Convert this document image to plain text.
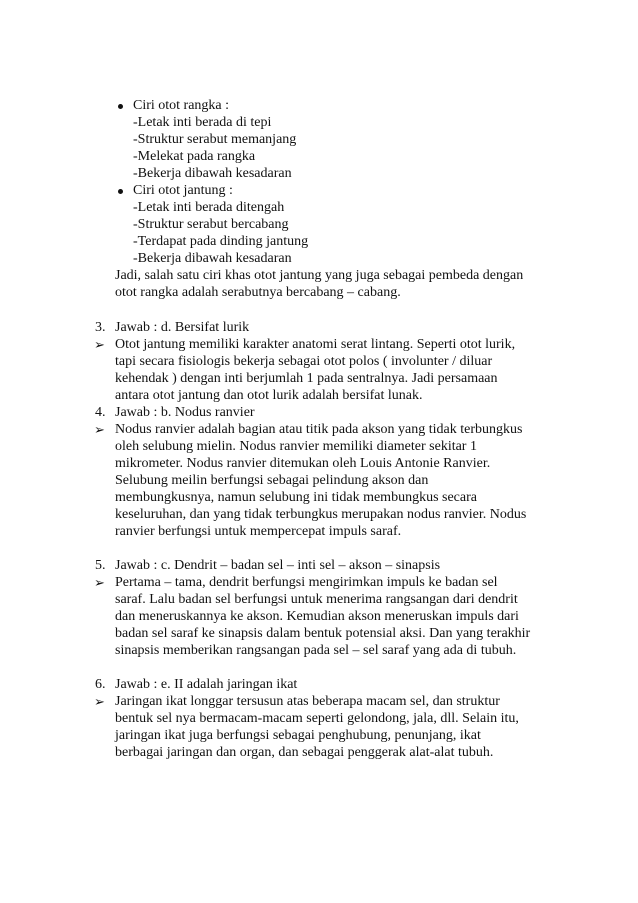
Ciri otot rangka :
-Letak inti berada di tepi
-Struktur serabut memanjang
-Melekat pada rangka
-Bekerja dibawah kesadaran
Ciri otot jantung :
-Letak inti berada ditengah
-Struktur serabut bercabang
-Terdapat pada dinding jantung
-Bekerja dibawah kesadaran
Jadi, salah satu ciri khas otot jantung yang juga sebagai pembeda dengan
otot rangka adalah serabutnya bercabang – cabang.
3. Jawab : d. Bersifat lurik
➢ Otot jantung memiliki karakter anatomi serat lintang. Seperti otot lurik,
tapi secara fisiologis bekerja sebagai otot polos ( involunter / diluar
kehendak ) dengan inti berjumlah 1 pada sentralnya. Jadi persamaan
antara otot jantung dan otot lurik adalah bersifat lunak.
4. Jawab : b. Nodus ranvier
➢ Nodus ranvier adalah bagian atau titik pada akson yang tidak terbungkus
oleh selubung mielin. Nodus ranvier memiliki diameter sekitar 1
mikrometer. Nodus ranvier ditemukan oleh Louis Antonie Ranvier.
Selubung meilin berfungsi sebagai pelindung akson dan
membungkusnya, namun selubung ini tidak membungkus secara
keseluruhan, dan yang tidak terbungkus merupakan nodus ranvier. Nodus
ranvier berfungsi untuk mempercepat impuls saraf.
5. Jawab : c. Dendrit – badan sel – inti sel – akson – sinapsis
➢ Pertama – tama, dendrit berfungsi mengirimkan impuls ke badan sel
saraf. Lalu badan sel berfungsi untuk menerima rangsangan dari dendrit
dan meneruskannya ke akson. Kemudian akson meneruskan impuls dari
badan sel saraf ke sinapsis dalam bentuk potensial aksi. Dan yang terakhir
sinapsis memberikan rangsangan pada sel – sel saraf yang ada di tubuh.
6. Jawab : e. II adalah jaringan ikat
➢ Jaringan ikat longgar tersusun atas beberapa macam sel, dan struktur
bentuk sel nya bermacam-macam seperti gelondong, jala, dll. Selain itu,
jaringan ikat juga berfungsi sebagai penghubung, penunjang, ikat
berbagai jaringan dan organ, dan sebagai penggerak alat-alat tubuh.
